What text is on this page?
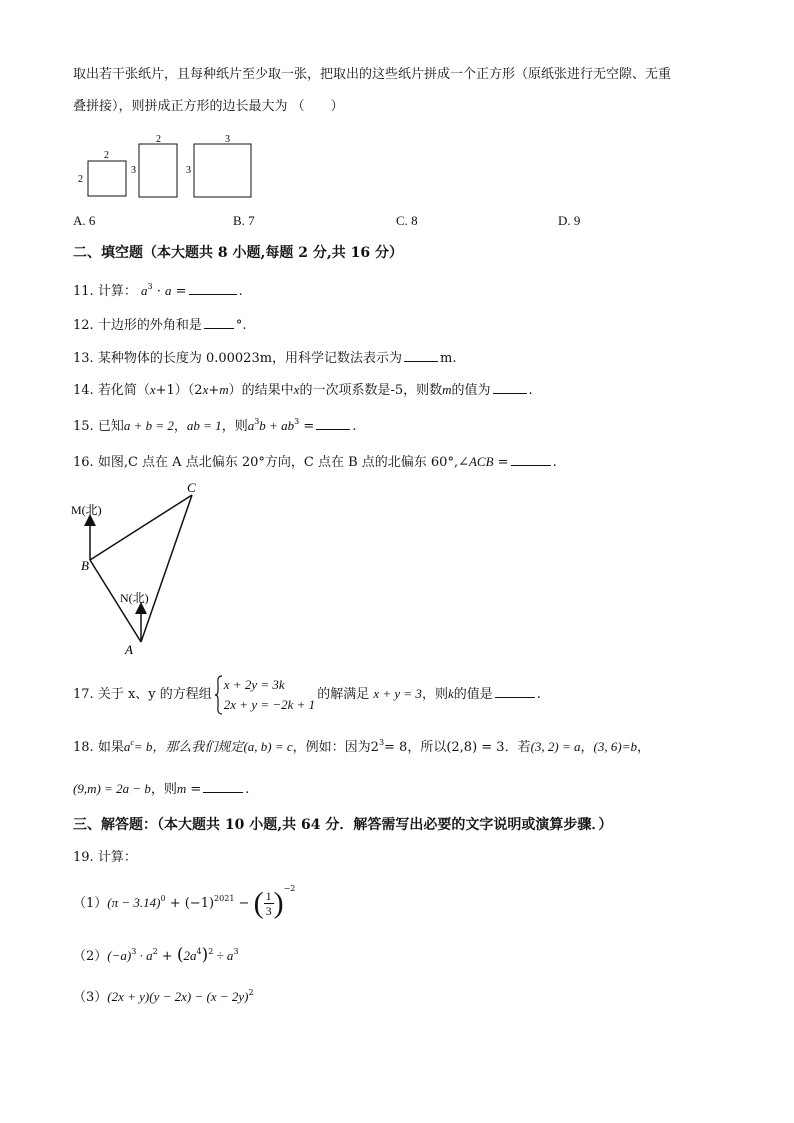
取出若干张纸片，且每种纸片至少取一张，把取出的这些纸片拼成一个正方形（原纸张进行无空隙、无重
叠拼接），则拼成正方形的边长最大为 （　　）
2
2
2
3
3
3
A. 6	B. 7	C. 8	D. 9
二、填空题（本大题共 8 小题,每题 2 分,共 16 分）
11. 计算： $a^3 \cdot a$ =	.
12. 十边形的外角和是	°.
13. 某种物体的长度为 0.00023m，用科学记数法表示为	m.
14. 若化简（x+1）（2x+m）的结果中x的一次项系数是-5，则数m的值为	.
15. 已知a + b = 2，ab = 1，则$a^3b + ab^3$ =	.
16. 如图,C 点在 A 点北偏东 20°方向，C 点在 B 点的北偏东 60°,∠ACB =	.
C
B
A
M(北)
N(北)
17. 关于 x、y 的方程组
x + 2y = 3k
2x + y = −2k + 1
的解满足 x + y = 3，则k的值是	.
18. 如果$a^c= b$，那么我们规定(a, b) = c，例如：因为$2^3= 8$，所以(2,8) = 3．若(3, 2) = a，(3, 6)=b，
(9,m) = 2a − b，则m =	.
三、解答题：（本大题共 10 小题,共 64 分．解答需写出必要的文字说明或演算步骤．）
19. 计算：
$(1)(\pi - 3.14)^0 + (-1)^{2021}$ − ( $\frac{1}{3} )^{-2}$
$(2)(-a)^3 \cdot a^2 + (2a^4)^2 \div a^3$
$(3)(2x + y)(y - 2x) - (x - 2y)^2$
